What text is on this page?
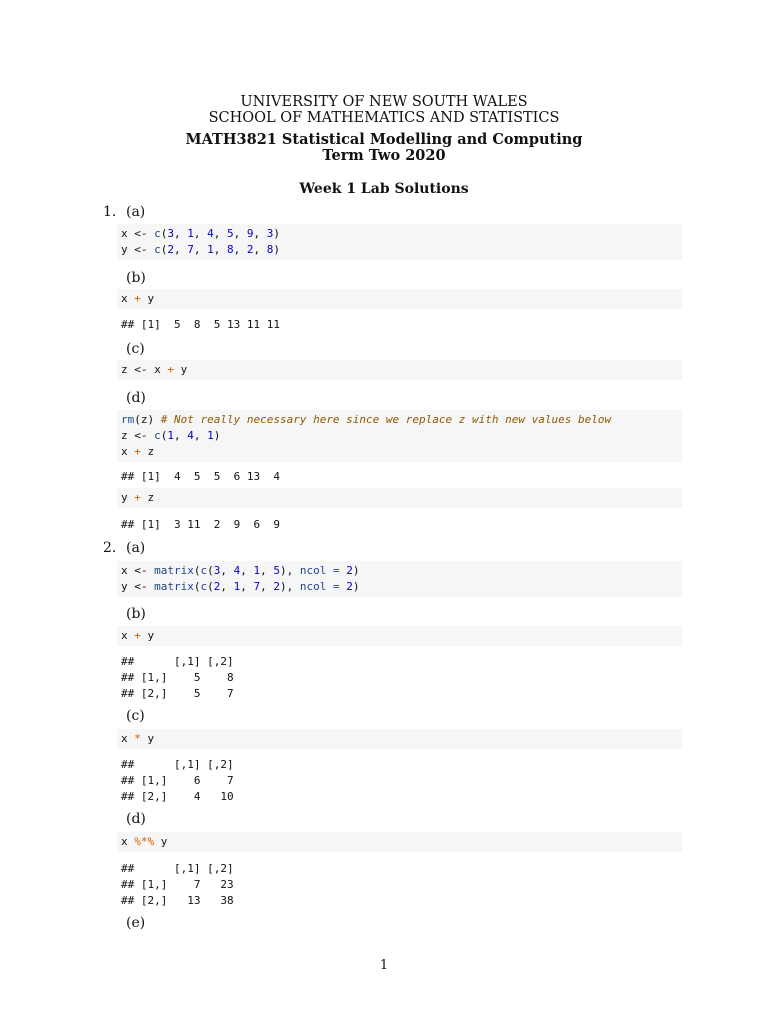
UNIVERSITY OF NEW SOUTH WALES
SCHOOL OF MATHEMATICS AND STATISTICS
MATH3821 Statistical Modelling and Computing
Term Two 2020
Week 1 Lab Solutions
1. (a)
x <- c(3, 1, 4, 5, 9, 3)
y <- c(2, 7, 1, 8, 2, 8)
(b)
x + y
## [1]  5  8  5 13 11 11
(c)
z <- x + y
(d)
rm(z) # Not really necessary here since we replace z with new values below
z <- c(1, 4, 1)
x + z
## [1]  4  5  5  6 13  4
y + z
## [1]  3 11  2  9  6  9
2. (a)
x <- matrix(c(3, 4, 1, 5), ncol = 2)
y <- matrix(c(2, 1, 7, 2), ncol = 2)
(b)
x + y
##      [,1] [,2]
## [1,]    5    8
## [2,]    5    7
(c)
x * y
##      [,1] [,2]
## [1,]    6    7
## [2,]    4   10
(d)
x %*% y
##      [,1] [,2]
## [1,]    7   23
## [2,]   13   38
(e)
1
